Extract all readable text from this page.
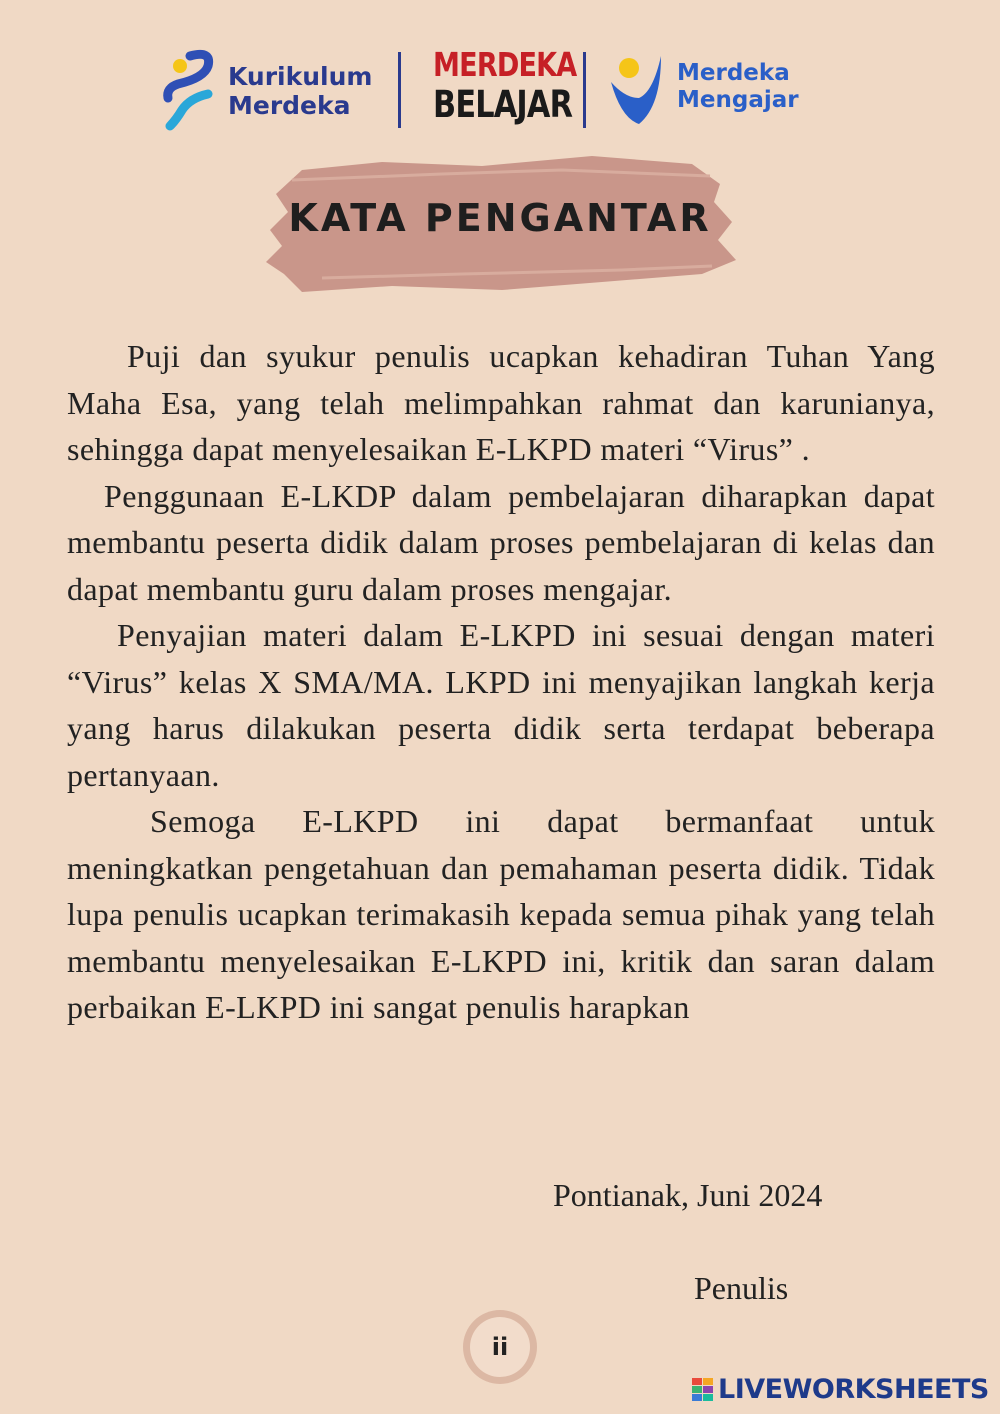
Kurikulum
Merdeka
MERDEKA
BELAJAR
Merdeka
Mengajar
KATA PENGANTAR

Puji dan syukur penulis ucapkan kehadiran Tuhan Yang Maha Esa, yang telah melimpahkan rahmat dan karunianya, sehingga dapat menyelesaikan E-LKPD materi “Virus” .

Penggunaan E-LKDP dalam pembelajaran diharapkan dapat membantu peserta didik dalam proses pembelajaran di kelas dan dapat membantu guru dalam proses mengajar.

Penyajian materi dalam E-LKPD ini sesuai dengan materi “Virus” kelas X SMA/MA. LKPD ini menyajikan langkah kerja yang harus dilakukan peserta didik serta terdapat beberapa pertanyaan.

Semoga E-LKPD ini dapat bermanfaat untuk meningkatkan pengetahuan dan pemahaman peserta didik. Tidak lupa penulis ucapkan terimakasih kepada semua pihak yang telah membantu menyelesaikan E-LKPD ini, kritik dan saran dalam perbaikan E-LKPD ini sangat penulis harapkan

Pontianak, Juni 2024
Penulis
ii
LIVEWORKSHEETS
